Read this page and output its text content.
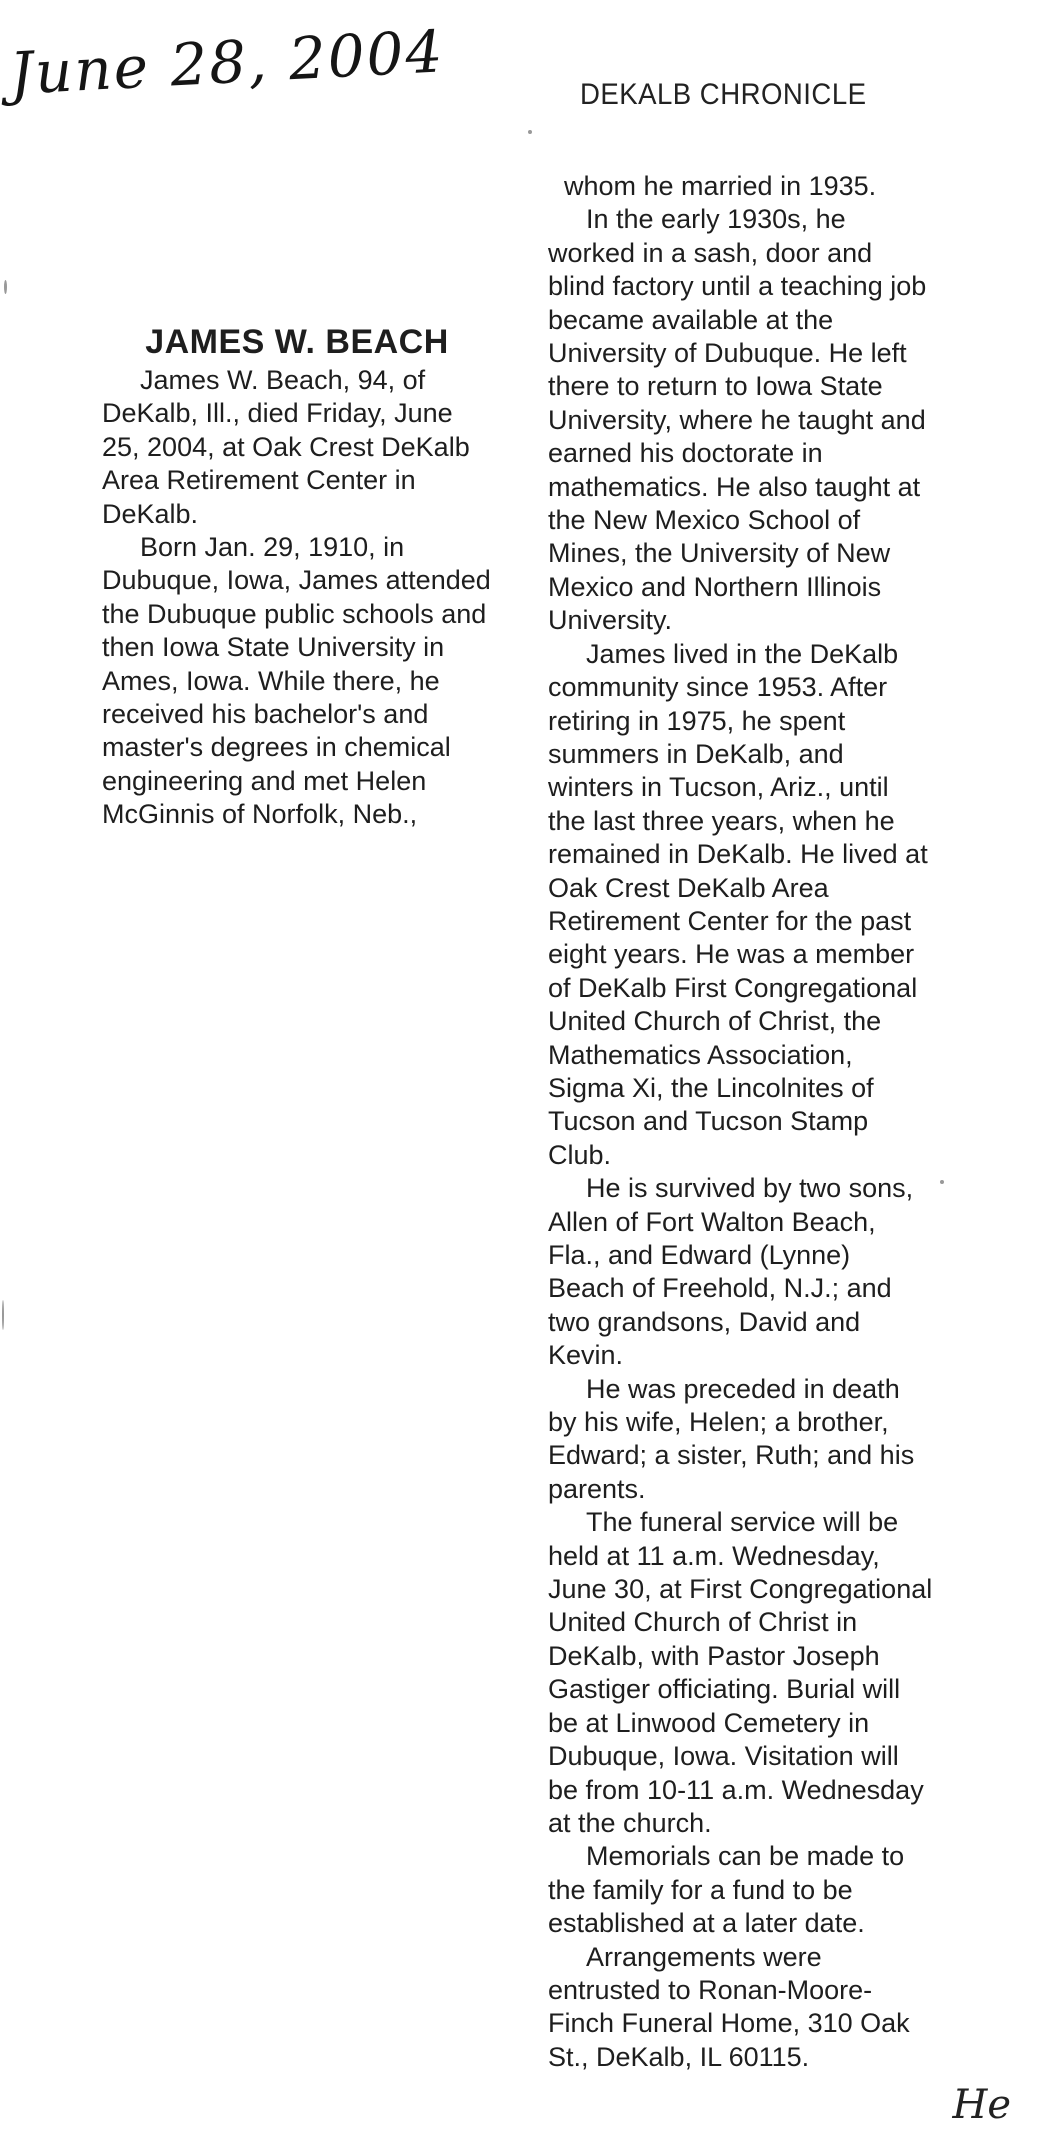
June 28, 2004	DEKALB CHRONICLE

JAMES W. BEACH

James W. Beach, 94, of DeKalb, Ill., died Friday, June 25, 2004, at Oak Crest DeKalb Area Retirement Center in DeKalb.

Born Jan. 29, 1910, in Dubuque, Iowa, James attended the Dubuque public schools and then Iowa State University in Ames, Iowa. While there, he received his bachelor's and master's degrees in chemical engineering and met Helen McGinnis of Norfolk, Neb.,

whom he married in 1935.

In the early 1930s, he worked in a sash, door and blind factory until a teaching job became available at the University of Dubuque. He left there to return to Iowa State University, where he taught and earned his doctorate in mathematics. He also taught at the New Mexico School of Mines, the University of New Mexico and Northern Illinois University.

James lived in the DeKalb community since 1953. After retiring in 1975, he spent summers in DeKalb, and winters in Tucson, Ariz., until the last three years, when he remained in DeKalb. He lived at Oak Crest DeKalb Area Retirement Center for the past eight years. He was a member of DeKalb First Congregational United Church of Christ, the Mathematics Association, Sigma Xi, the Lincolnites of Tucson and Tucson Stamp Club.

He is survived by two sons, Allen of Fort Walton Beach, Fla., and Edward (Lynne) Beach of Freehold, N.J.; and two grandsons, David and Kevin.

He was preceded in death by his wife, Helen; a brother, Edward; a sister, Ruth; and his parents.

The funeral service will be held at 11 a.m. Wednesday, June 30, at First Congregational United Church of Christ in DeKalb, with Pastor Joseph Gastiger officiating. Burial will be at Linwood Cemetery in Dubuque, Iowa. Visitation will be from 10-11 a.m. Wednesday at the church.

Memorials can be made to the family for a fund to be established at a later date.

Arrangements were entrusted to Ronan-Moore-Finch Funeral Home, 310 Oak St., DeKalb, IL 60115.

He
